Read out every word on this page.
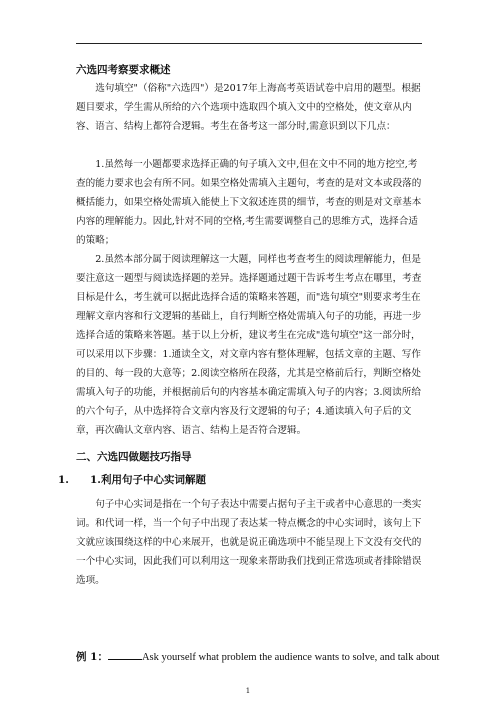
六选四考察要求概述

选句填空"（俗称"六选四"）是2017年上海高考英语试卷中启用的题型。根据题目要求，学生需从所给的六个选项中选取四个填入文中的空格处，使文章从内容、语言、结构上都符合逻辑。考生在备考这一部分时,需意识到以下几点：

1.虽然每一小题都要求选择正确的句子填入文中,但在文中不同的地方挖空,考查的能力要求也会有所不同。如果空格处需填入主题句，考查的是对文本或段落的概括能力，如果空格处需填入能使上下文叙述连贯的细节，考查的则是对文章基本内容的理解能力。因此,针对不同的空格,考生需要调整自己的思维方式，选择合适的策略；

2.虽然本部分属于阅读理解这一大题，同样也考查考生的阅读理解能力，但是要注意这一题型与阅读选择题的差异。选择题通过题干告诉考生考点在哪里，考查目标是什么，考生就可以据此选择合适的策略来答题，而"选句填空"则要求考生在理解文章内容和行文逻辑的基础上，自行判断空格处需填入句子的功能，再进一步选择合适的策略来答题。基于以上分析，建议考生在完成"选句填空"这一部分时，可以采用以下步骤：1.通读全文，对文章内容有整体理解，包括文章的主题、写作的目的、每一段的大意等；2.阅读空格所在段落，尤其是空格前后行，判断空格处需填入句子的功能，并根据前后句的内容基本确定需填入句子的内容；3.阅读所给的六个句子，从中选择符合文章内容及行文逻辑的句子；4.通读填入句子后的文章，再次确认文章内容、语言、结构上是否符合逻辑。

二、六选四做题技巧指导
1. 1.利用句子中心实词解题

句子中心实词是指在一个句子表达中需要占据句子主干或者中心意思的一类实词。和代词一样，当一个句子中出现了表达某一特点概念的中心实词时，该句上下文就应该围绕这样的中心来展开，也就是说正确选项中不能呈现上下文没有交代的一个中心实词，因此我们可以利用这一现象来帮助我们找到正常选项或者排除错误选项。

例 1：	Ask yourself what problem the audience wants to solve, and talk about
1
